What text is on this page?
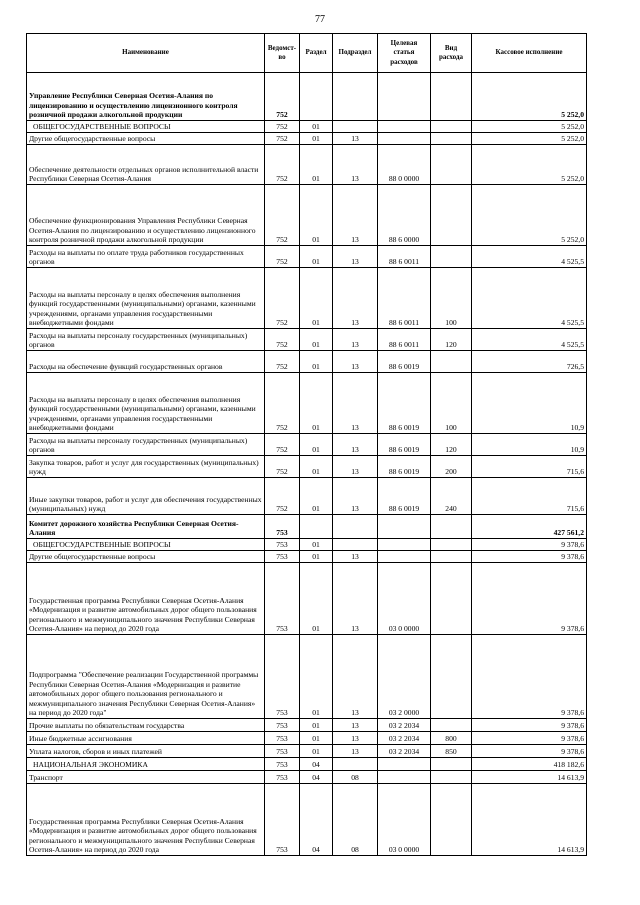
77
Наименование	Ведомст-во	Раздел	Подраздел	Целевая статья расходов	Вид расхода	Кассовое исполнение
Управление Республики Северная Осетия-Алания по лицензированию и осуществлению лицензионного контроля розничной продажи алкогольной продукции	752					5 252,0
ОБЩЕГОСУДАРСТВЕННЫЕ ВОПРОСЫ	752	01				5 252,0
Другие общегосударственные вопросы	752	01	13			5 252,0
Обеспечение деятельности отдельных органов исполнительной власти Республики Северная Осетия-Алания	752	01	13	88 0 0000		5 252,0
Обеспечение функционирования Управления Республики Северная Осетия-Алания по лицензированию и осуществлению лицензионного контроля розничной продажи алкогольной продукции	752	01	13	88 6 0000		5 252,0
Расходы на выплаты по оплате труда работников государственных органов	752	01	13	88 6 0011		4 525,5
Расходы на выплаты персоналу в целях обеспечения выполнения функций государственными (муниципальными) органами, казенными учреждениями, органами управления государственными внебюджетными фондами	752	01	13	88 6 0011	100	4 525,5
Расходы на выплаты персоналу государственных (муниципальных) органов	752	01	13	88 6 0011	120	4 525,5
Расходы на обеспечение функций государственных органов	752	01	13	88 6 0019		726,5
Расходы на выплаты персоналу в целях обеспечения выполнения функций государственными (муниципальными) органами, казенными учреждениями, органами управления государственными внебюджетными фондами	752	01	13	88 6 0019	100	10,9
Расходы на выплаты персоналу государственных (муниципальных) органов	752	01	13	88 6 0019	120	10,9
Закупка товаров, работ и услуг для государственных (муниципальных) нужд	752	01	13	88 6 0019	200	715,6
Иные закупки товаров, работ и услуг для обеспечения государственных (муниципальных) нужд	752	01	13	88 6 0019	240	715,6
Комитет дорожного хозяйства Республики Северная Осетия-Алания	753					427 561,2
ОБЩЕГОСУДАРСТВЕННЫЕ ВОПРОСЫ	753	01				9 378,6
Другие общегосударственные вопросы	753	01	13			9 378,6
Государственная программа Республики Северная Осетия-Алания «Модернизация и развитие автомобильных дорог общего пользования регионального и межмуниципального значения Республики Северная Осетия-Алания» на период до 2020 года	753	01	13	03 0 0000		9 378,6
Подпрограмма "Обеспечение реализации Государственной программы Республики Северная Осетия-Алания «Модернизация и развитие автомобильных дорог общего пользования регионального и межмуниципального значения Республики Северная Осетия-Алания» на период до 2020 года"	753	01	13	03 2 0000		9 378,6
Прочие выплаты по обязательствам государства	753	01	13	03 2 2034		9 378,6
Иные бюджетные ассигнования	753	01	13	03 2 2034	800	9 378,6
Уплата налогов, сборов и иных платежей	753	01	13	03 2 2034	850	9 378,6
НАЦИОНАЛЬНАЯ ЭКОНОМИКА	753	04				418 182,6
Транспорт	753	04	08			14 613,9
Государственная программа Республики Северная Осетия-Алания «Модернизация и развитие автомобильных дорог общего пользования регионального и межмуниципального значения Республики Северная Осетия-Алания» на период до 2020 года	753	04	08	03 0 0000		14 613,9
